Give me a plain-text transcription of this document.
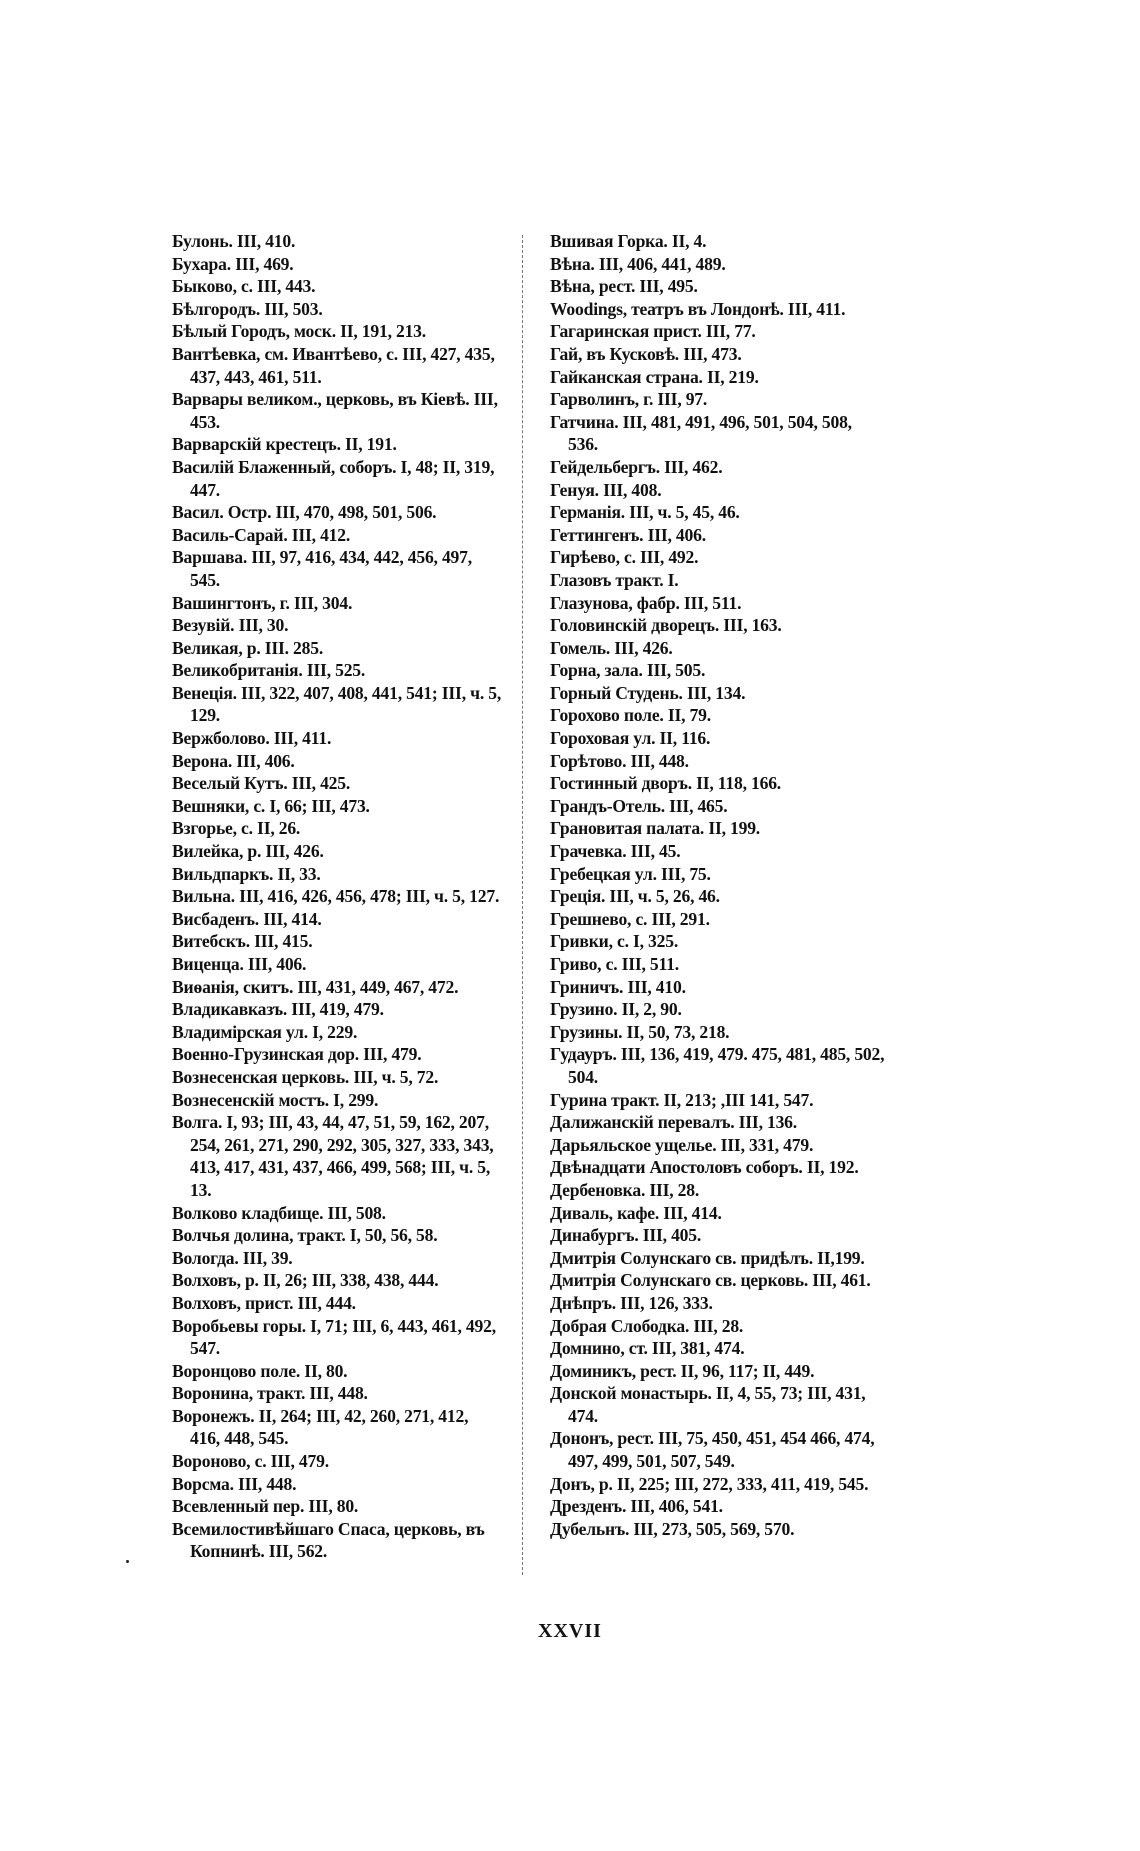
Булонь. III, 410.

Бухара. III, 469.

Быково, с. III, 443.

Бѣлгородъ. III, 503.

Бѣлый Городъ, моск. II, 191, 213.

Вантѣевка, см. Ивантѣево, с. III, 427, 435, 437, 443, 461, 511.

Варвары великом., церковь, въ Кіевѣ. III, 453.

Варварскій крестецъ. II, 191.

Василій Блаженный, соборъ. I, 48; II, 319, 447.

Васил. Остр. III, 470, 498, 501, 506.

Василь-Сарай. III, 412.

Варшава. III, 97, 416, 434, 442, 456, 497, 545.

Вашингтонъ, г. III, 304.

Везувій. III, 30.

Великая, р. III. 285.

Великобританія. III, 525.

Венеція. III, 322, 407, 408, 441, 541; III, ч. 5, 129.

Вержболово. III, 411.

Верона. III, 406.

Веселый Кутъ. III, 425.

Вешняки, с. I, 66; III, 473.

Взгорье, с. II, 26.

Вилейка, р. III, 426.

Вильдпаркъ. II, 33.

Вильна. III, 416, 426, 456, 478; III, ч. 5, 127.

Висбаденъ. III, 414.

Витебскъ. III, 415.

Виценца. III, 406.

Виѳанія, скитъ. III, 431, 449, 467, 472.

Владикавказъ. III, 419, 479.

Владимірская ул. I, 229.

Военно-Грузинская дор. III, 479.

Вознесенская церковь. III, ч. 5, 72.

Вознесенскій мостъ. I, 299.

Волга. I, 93; III, 43, 44, 47, 51, 59, 162, 207, 254, 261, 271, 290, 292, 305, 327, 333, 343, 413, 417, 431, 437, 466, 499, 568; III, ч. 5, 13.

Волково кладбище. III, 508.

Волчья долина, тракт. I, 50, 56, 58.

Вологда. III, 39.

Волховъ, р. II, 26; III, 338, 438, 444.

Волховъ, прист. III, 444.

Воробьевы горы. I, 71; III, 6, 443, 461, 492, 547.

Воронцово поле. II, 80.

Воронина, тракт. III, 448.

Воронежъ. II, 264; III, 42, 260, 271, 412, 416, 448, 545.

Вороново, с. III, 479.

Ворсма. III, 448.

Всевленный пер. III, 80.

Всемилостивѣйшаго Спаса, церковь, въ Копнинѣ. III, 562.

Вшивая Горка. II, 4.

Вѣна. III, 406, 441, 489.

Вѣна, рест. III, 495.

Woodings, театръ въ Лондонѣ. III, 411.

Гагаринская прист. III, 77.

Гай, въ Кусковѣ. III, 473.

Гайканская страна. II, 219.

Гарволинъ, г. III, 97.

Гатчина. III, 481, 491, 496, 501, 504, 508, 536.

Гейдельбергъ. III, 462.

Генуя. III, 408.

Германія. III, ч. 5, 45, 46.

Геттингенъ. III, 406.

Гирѣево, с. III, 492.

Глазовъ тракт. I.

Глазунова, фабр. III, 511.

Головинскій дворецъ. III, 163.

Гомель. III, 426.

Горна, зала. III, 505.

Горный Студень. III, 134.

Горохово поле. II, 79.

Гороховая ул. II, 116.

Горѣтово. III, 448.

Гостинный дворъ. II, 118, 166.

Грандъ-Отель. III, 465.

Грановитая палата. II, 199.

Грачевка. III, 45.

Гребецкая ул. III, 75.

Греція. III, ч. 5, 26, 46.

Грешнево, с. III, 291.

Гривки, с. I, 325.

Гриво, с. III, 511.

Гриничъ. III, 410.

Грузино. II, 2, 90.

Грузины. II, 50, 73, 218.

Гудауръ. III, 136, 419, 479. 475, 481, 485, 502, 504.

Гурина тракт. II, 213; ,III 141, 547.

Далижанскій перевалъ. III, 136.

Дарьяльское ущелье. III, 331, 479.

Двѣнадцати Апостоловъ соборъ. II, 192.

Дербеновка. III, 28.

Диваль, кафе. III, 414.

Динабургъ. III, 405.

Дмитрія Солунскаго св. придѣлъ. II,199.

Дмитрія Солунскаго св. церковь. III, 461.

Днѣпръ. III, 126, 333.

Добрая Слободка. III, 28.

Домнино, ст. III, 381, 474.

Доминикъ, рест. II, 96, 117; II, 449.

Донской монастырь. II, 4, 55, 73; III, 431, 474.

Дононъ, рест. III, 75, 450, 451, 454 466, 474, 497, 499, 501, 507, 549.

Донъ, р. II, 225; III, 272, 333, 411, 419, 545.

Дрезденъ. III, 406, 541.

Дубельнъ. III, 273, 505, 569, 570.

XXVII
